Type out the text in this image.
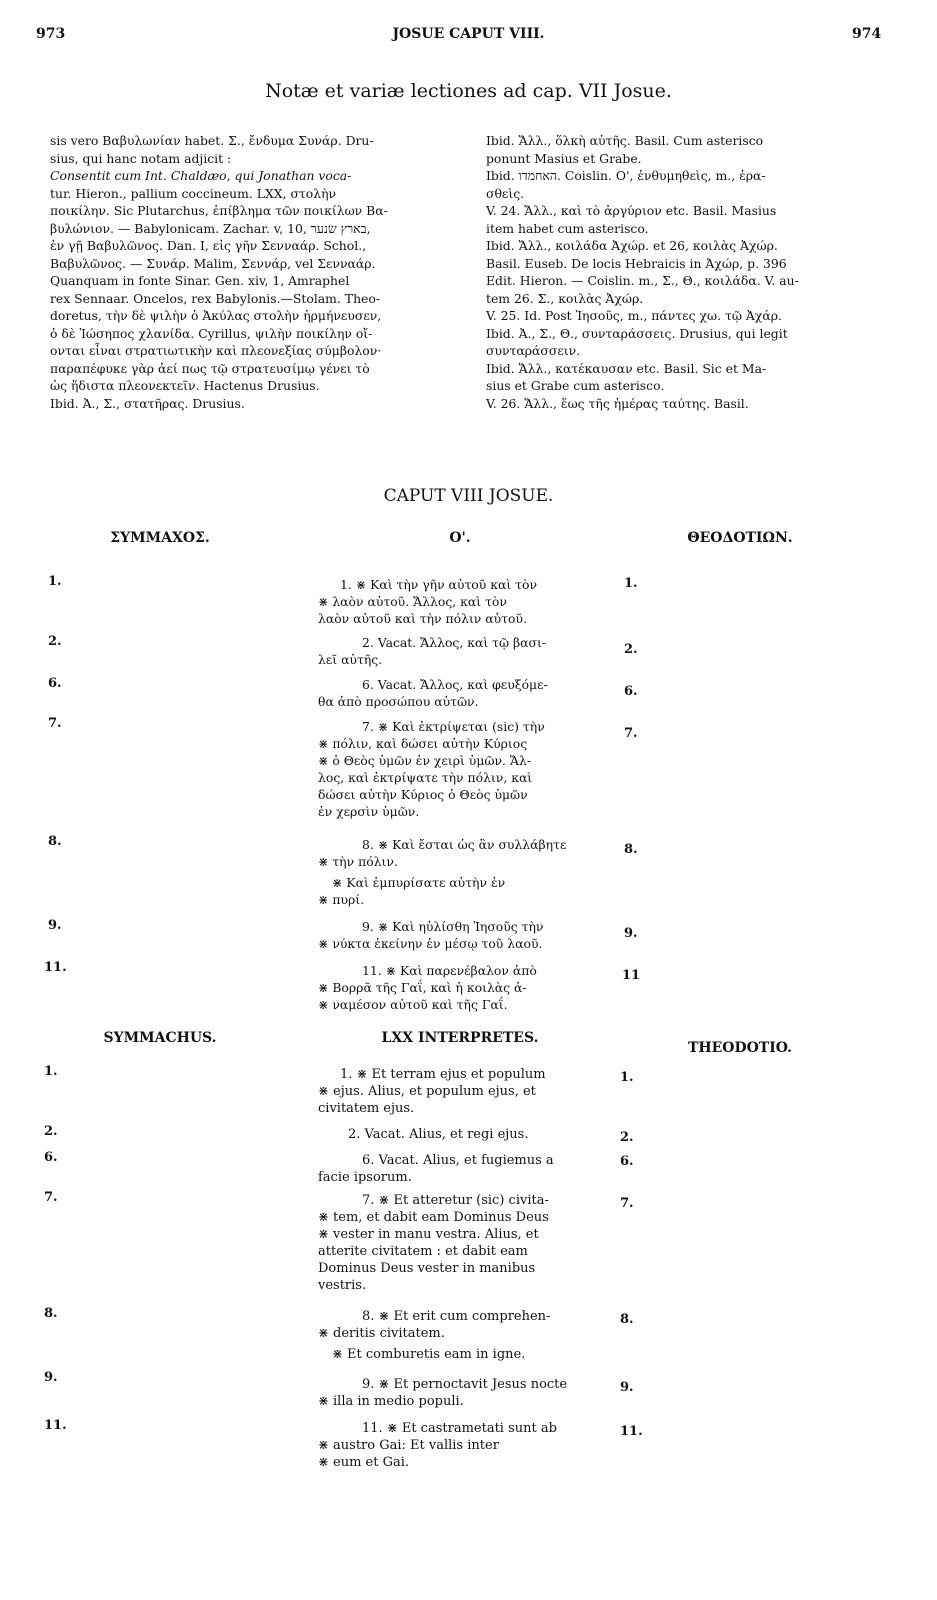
973	JOSUE CAPUT VIII.	974
Notæ et variæ lectiones ad cap. VII Josue.
sis vero Βαβυλωνίαν habet. Σ., ἔνδυμα Συνάρ. Dru-
sius, qui hanc notam adjicit :
Consentit cum Int. Chaldæo, qui Jonathan voca-
tur. Hieron., pallium coccineum. LXX, στολὴν
ποικίλην. Sic Plutarchus, ἐπίβλημα τῶν ποικίλων Βα-
βυλώνιον. — Babylonicam. Zachar. v, 10, בארץ שנער,
ἐν γῇ Βαβυλῶνος. Dan. I, εἰς γῆν Σενναάρ. Schol.,
Βαβυλῶνος. — Συνάρ. Malim, Σεννάρ, vel Σενναάρ.
Quanquam in fonte Sinar. Gen. xiv, 1, Amraphel
rex Sennaar. Oncelos, rex Babylonis.—Stolam. Theo-
doretus, τὴν δὲ ψιλὴν ὁ Ἀκύλας στολὴν ἡρμήνευσεν,
ὁ δὲ Ἰώσηπος χλανίδα. Cyrillus, ψιλὴν ποικίλην οἴ-
ονται εἶναι στρατιωτικὴν καὶ πλεονεξίας σύμβολον·
παραπέφυκε γὰρ ἀεί πως τῷ στρατευσίμῳ γένει τὸ
ὡς ἥδιστα πλεονεκτεῖν. Hactenus Drusius.
Ibid. Ἀ., Σ., στατῆρας. Drusius.
Ibid. Ἄλλ., ὅλκὴ αὐτῆς. Basil. Cum asterisco
ponunt Masius et Grabe.
Ibid. האחמדו. Coislin. Ο', ἐνθυμηθεὶς, m., ἐρα-
σθεὶς.
V. 24. Ἄλλ., καὶ τὸ ἀργύριον etc. Basil. Masius
item habet cum asterisco.
Ibid. Ἄλλ., κοιλάδα Ἀχώρ. et 26, κοιλὰς Ἀχώρ.
Basil. Euseb. De locis Hebraicis in Ἀχώρ, p. 396
Edit. Hieron. — Coislin. m., Σ., Θ., κοιλάδα. V. au-
tem 26. Σ., κοιλὰς Ἀχώρ.
V. 25. Id. Post Ἰησοῦς, m., πάντες χω. τῷ Ἀχάρ.
Ibid. Ἀ., Σ., Θ., συνταράσσεις. Drusius, qui legit
συνταράσσειν.
Ibid. Ἄλλ., κατέκαυσαν etc. Basil. Sic et Ma-
sius et Grabe cum asterisco.
V. 26. Ἄλλ., ἕως τῆς ἡμέρας ταύτης. Basil.
CAPUT VIII JOSUE.
ΣΥΜΜΑΧΟΣ.	Ο'.	ΘΕΟΔΟΤΙΩΝ.
1.	1. ⋇ Καὶ τὴν γῆν αὐτοῦ καὶ τὸν
⋇ λαὸν αὐτοῦ. Ἄλλος, καὶ τὸν
λαὸν αὐτοῦ καὶ τὴν πόλιν αὐτοῦ.
1.
2.	2. Vacat. Ἄλλος, καὶ τῷ βασι-
λεῖ αὐτῆς.
2.
6.	6. Vacat. Ἄλλος, καὶ φευξόμε-
θα ἀπὸ προσώπου αὐτῶν.
6.
7.	7. ⋇ Καὶ ἐκτρίψεται (sic) τὴν
⋇ πόλιν, καὶ δώσει αὐτὴν Κύριος
⋇ ὁ Θεὸς ὑμῶν ἐν χειρὶ ὑμῶν. Ἄλ-
λος, καὶ ἐκτρίψατε τὴν πόλιν, καὶ
δώσει αὐτὴν Κύριος ὁ Θεὸς ὑμῶν
ἐν χερσὶν ὑμῶν.
7.
8.	8. ⋇ Καὶ ἔσται ὡς ἂν συλλάβητε
⋇ τὴν πόλιν.
⋇ Καὶ ἐμπυρίσατε αὐτὴν ἐν
⋇ πυρί.
8.
9.	9. ⋇ Καὶ ηὐλίσθη Ἰησοῦς τὴν
⋇ νύκτα ἐκείνην ἐν μέσῳ τοῦ λαοῦ.
9.
11.	11. ⋇ Καὶ παρενέβαλον ἀπὸ
⋇ Βορρᾶ τῆς Γαΐ, καὶ ἡ κοιλὰς ἀ-
⋇ ναμέσον αὐτοῦ καὶ τῆς Γαΐ.
11
SYMMACHUS.	LXX INTERPRETES.
THEODOTIO.
1.	1. ⋇ Et terram ejus et populum
⋇ ejus. Alius, et populum ejus, et
civitatem ejus.
1.
2.	2. Vacat. Alius, et regi ejus.	2.
6.	6. Vacat. Alius, et fugiemus a
facie ipsorum.
6.
7.	7. ⋇ Et atteretur (sic) civita-
⋇ tem, et dabit eam Dominus Deus
⋇ vester in manu vestra. Alius, et
atterite civitatem : et dabit eam
Dominus Deus vester in manibus
vestris.
7.
8.	8. ⋇ Et erit cum comprehen-
⋇ deritis civitatem.
⋇ Et comburetis eam in igne.
8.
9.	9. ⋇ Et pernoctavit Jesus nocte
⋇ illa in medio populi.
9.
11.	11. ⋇ Et castrametati sunt ab
⋇ austro Gai: Et vallis inter
⋇ eum et Gai.
11.
